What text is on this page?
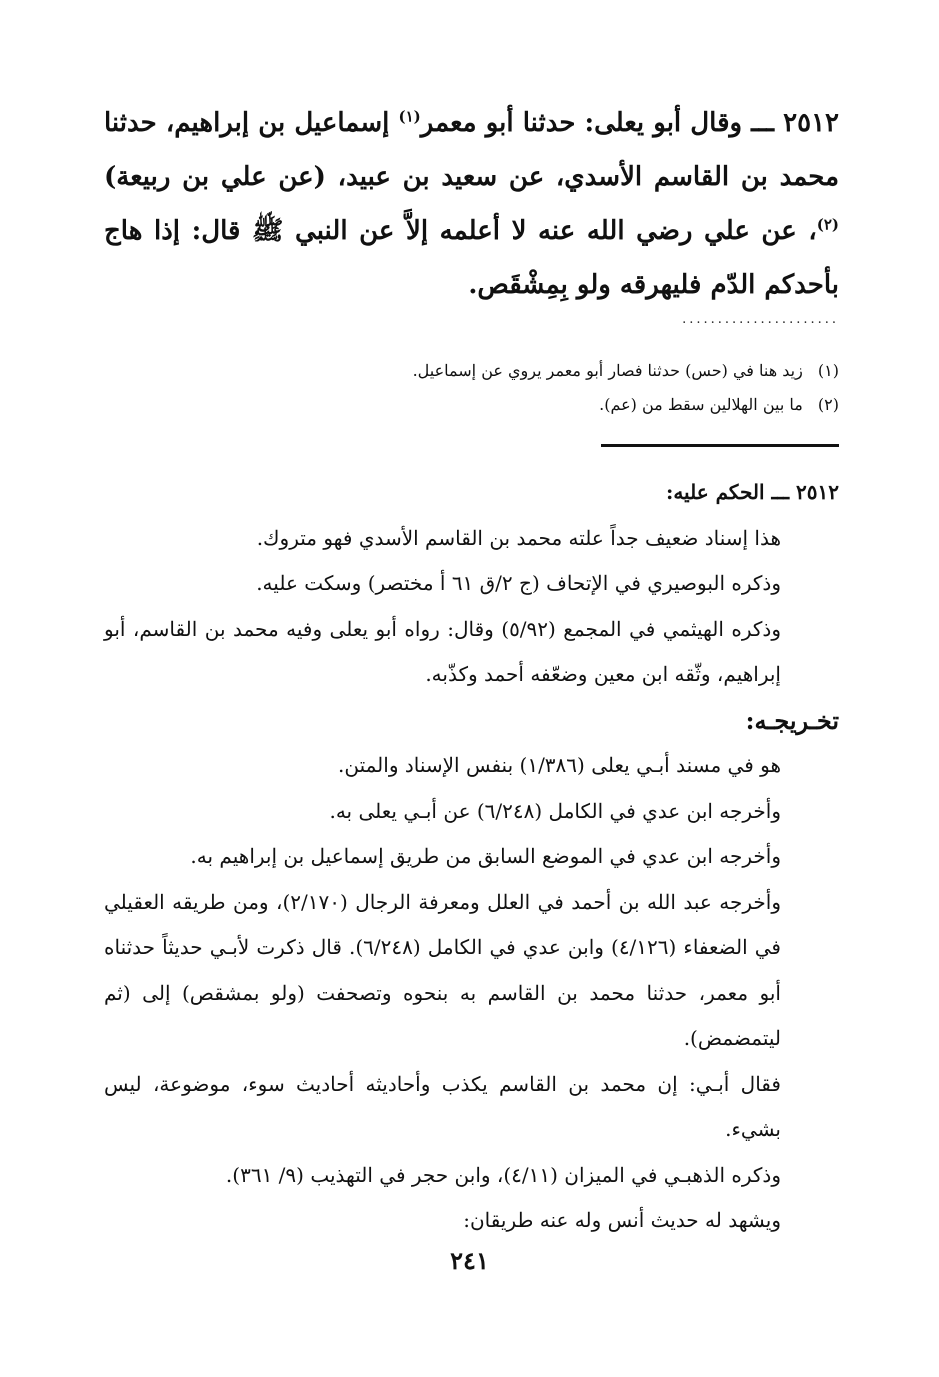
٢٥١٢ ـــ وقال أبو يعلى: حدثنا أبو معمر$^{(١)}$ إسماعيل بن إبراهيم، حدثنا محمد بن القاسم الأسدي، عن سعيد بن عبيد، (عن علي بن ربيعة)$^{(٢)}$، عن علي رضي الله عنه لا أعلمه إلاَّ عن النبي ﷺ قال: إذا هاج بأحدكم الدّم فليهرقه ولو بِمِشْقَص.

......................
(١) زيد هنا في (حس) حدثنا فصار أبو معمر يروي عن إسماعيل.
(٢) ما بين الهلالين سقط من (عم).

٢٥١٢ ـــ الحكم عليه:

هذا إسناد ضعيف جداً علته محمد بن القاسم الأسدي فهو متروك.

وذكره البوصيري في الإتحاف (ج ٢/ق ٦١ أ مختصر) وسكت عليه.

وذكره الهيثمي في المجمع (٥/٩٢) وقال: رواه أبو يعلى وفيه محمد بن القاسم، أبو إبراهيم، وثّقه ابن معين وضعّفه أحمد وكذّبه.

تخـريجـه:

هو في مسند أبـي يعلى (١/٣٨٦) بنفس الإسناد والمتن.

وأخرجه ابن عدي في الكامل (٦/٢٤٨) عن أبـي يعلى به.

وأخرجه ابن عدي في الموضع السابق من طريق إسماعيل بن إبراهيم به.

وأخرجه عبد الله بن أحمد في العلل ومعرفة الرجال (٢/١٧٠)، ومن طريقه العقيلي في الضعفاء (٤/١٢٦) وابن عدي في الكامل (٦/٢٤٨). قال ذكرت لأبـي حديثاً حدثناه أبو معمر، حدثنا محمد بن القاسم به بنحوه وتصحفت (ولو بمشقص) إلى (ثم ليتمضمض).

فقال أبـي: إن محمد بن القاسم يكذب وأحاديثه أحاديث سوء، موضوعة، ليس بشيء.

وذكره الذهبـي في الميزان (٤/١١)، وابن حجر في التهذيب (٩/ ٣٦١).

ويشهد له حديث أنس وله عنه طريقان:

٢٤١
